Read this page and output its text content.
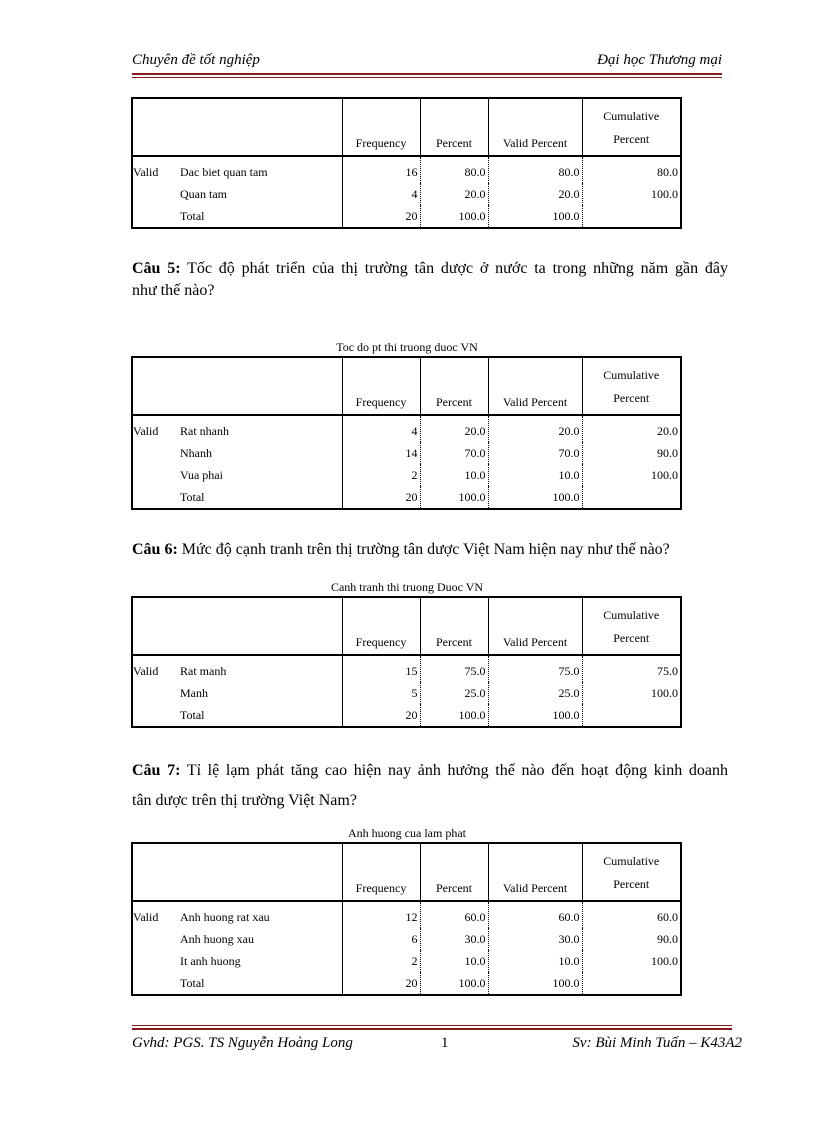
Chuyên đề tốt nghiệp	Đại học Thương mại
		Frequency	Percent	Valid Percent	Cumulative
Percent
Valid	Dac biet quan tam	16	80.0	80.0	80.0
	Quan tam	4	20.0	20.0	100.0
	Total	20	100.0	100.0	
Câu 5: Tốc độ phát triển của thị trường tân dược ở nước ta trong những năm gần đây
như thế nào?
Toc do pt thi truong duoc VN
		Frequency	Percent	Valid Percent	Cumulative
Percent
Valid	Rat nhanh	4	20.0	20.0	20.0
	Nhanh	14	70.0	70.0	90.0
	Vua phai	2	10.0	10.0	100.0
	Total	20	100.0	100.0	
Câu 6: Mức độ cạnh tranh trên thị trường tân dược Việt Nam hiện nay như thế nào?
Canh tranh thi truong Duoc VN
		Frequency	Percent	Valid Percent	Cumulative
Percent
Valid	Rat manh	15	75.0	75.0	75.0
	Manh	5	25.0	25.0	100.0
	Total	20	100.0	100.0	
Câu 7: Tỉ lệ lạm phát tăng cao hiện nay ảnh hưởng thế nào đến hoạt động kinh doanh
tân dược trên thị trường Việt Nam?
Anh huong cua lam phat
		Frequency	Percent	Valid Percent	Cumulative
Percent
Valid	Anh huong rat xau	12	60.0	60.0	60.0
	Anh huong xau	6	30.0	30.0	90.0
	It anh huong	2	10.0	10.0	100.0
	Total	20	100.0	100.0	
Gvhd: PGS. TS Nguyễn Hoàng Long	1	Sv: Bùi Minh Tuấn – K43A2
